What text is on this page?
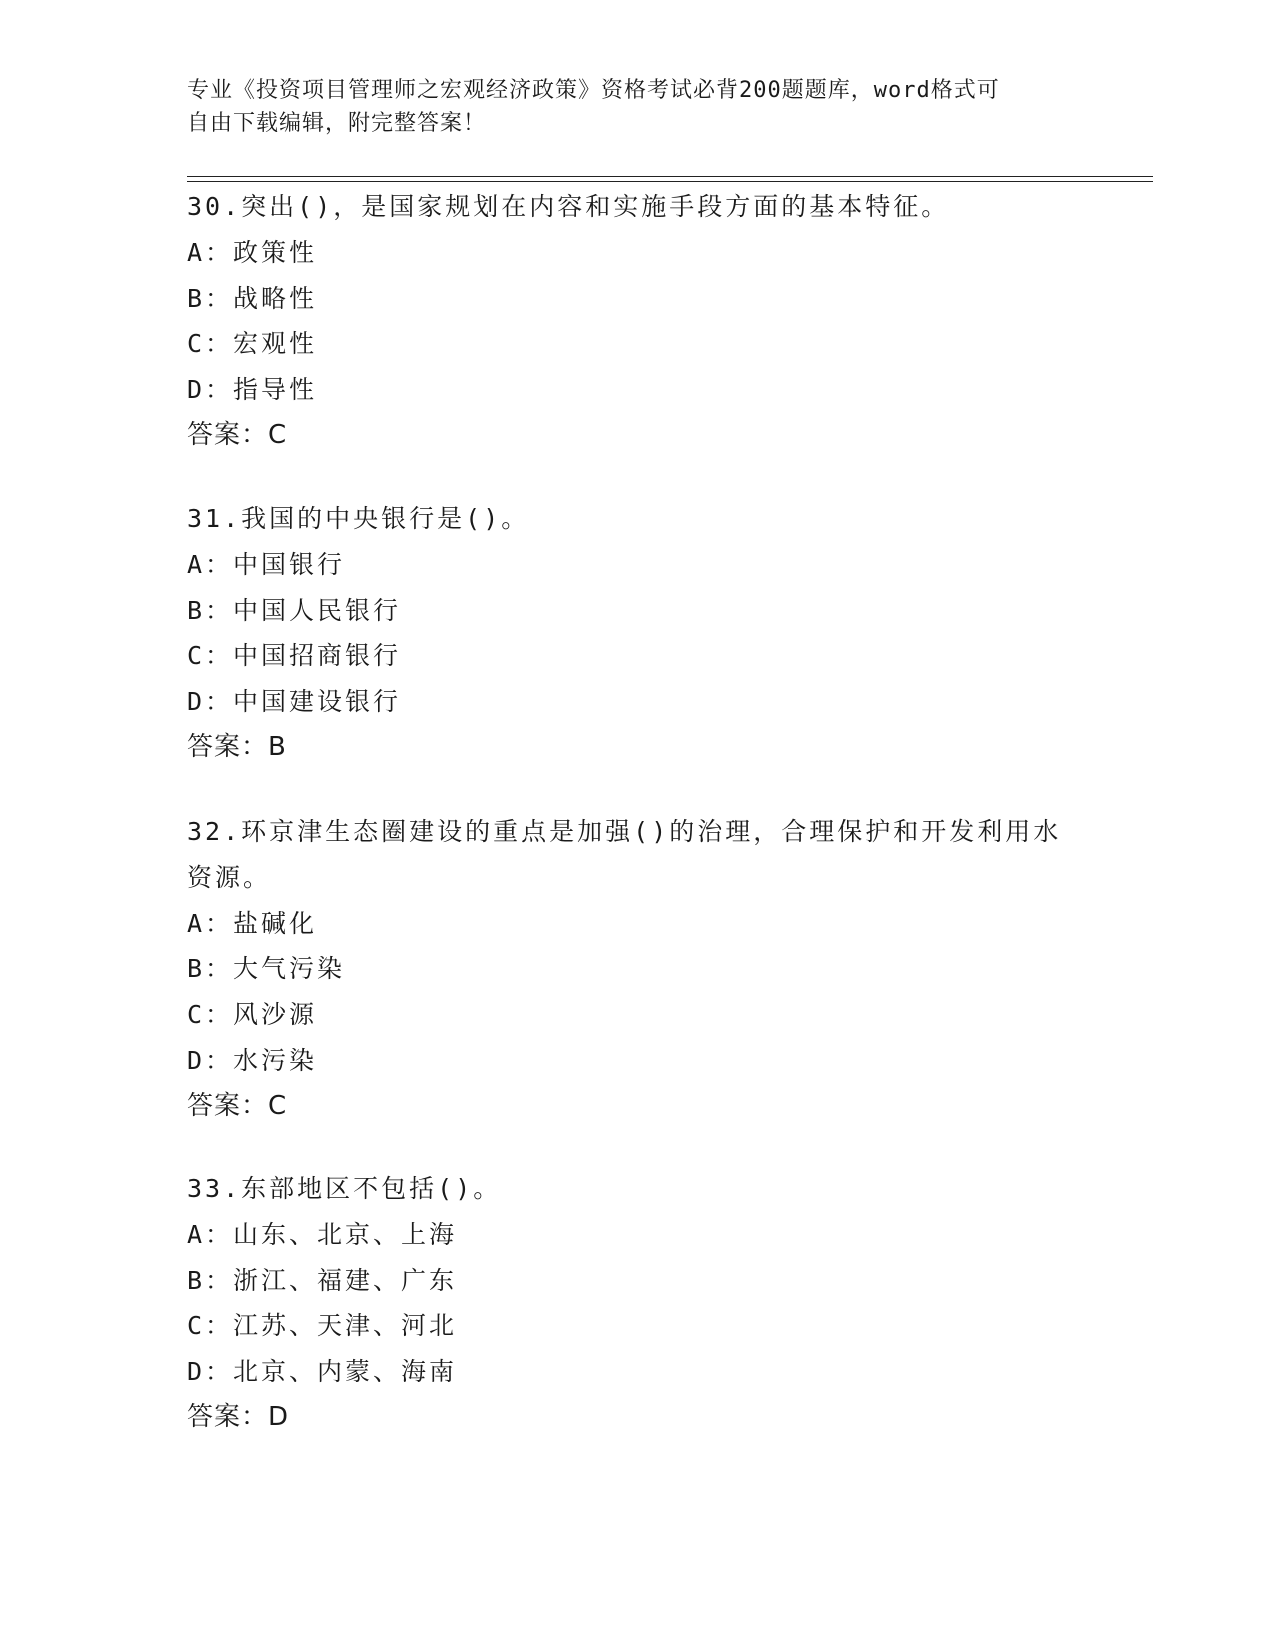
专业《投资项目管理师之宏观经济政策》资格考试必背200题题库，word格式可
自由下载编辑，附完整答案！
30.突出()，是国家规划在内容和实施手段方面的基本特征。
A：政策性
B：战略性
C：宏观性
D：指导性
答案：C
31.我国的中央银行是()。
A：中国银行
B：中国人民银行
C：中国招商银行
D：中国建设银行
答案：B
32.环京津生态圈建设的重点是加强()的治理，合理保护和开发利用水
资源。
A：盐碱化
B：大气污染
C：风沙源
D：水污染
答案：C
33.东部地区不包括()。
A：山东、北京、上海
B：浙江、福建、广东
C：江苏、天津、河北
D：北京、内蒙、海南
答案：D
